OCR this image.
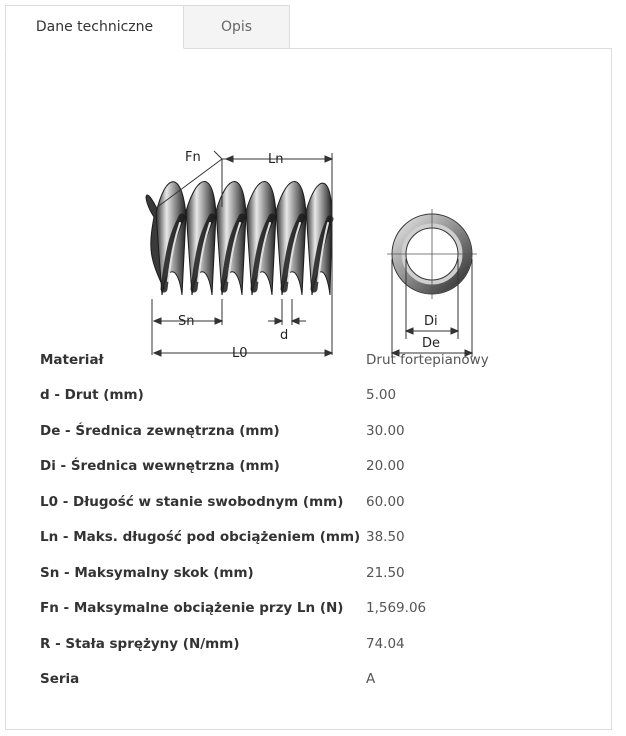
Dane techniczne	Opis
Fn	Ln
Sn
d
L0
Di
De
Materiał	Drut fortepianowy
d - Drut (mm)	5.00
De - Średnica zewnętrzna (mm)	30.00
Di - Średnica wewnętrzna (mm)	20.00
L0 - Długość w stanie swobodnym (mm) 60.00
Ln - Maks. długość pod obciążeniem (mm) 38.50
Sn - Maksymalny skok (mm)	21.50
Fn - Maksymalne obciążenie przy Ln (N) 1,569.06
R - Stała sprężyny (N/mm)	74.04
Seria	A
